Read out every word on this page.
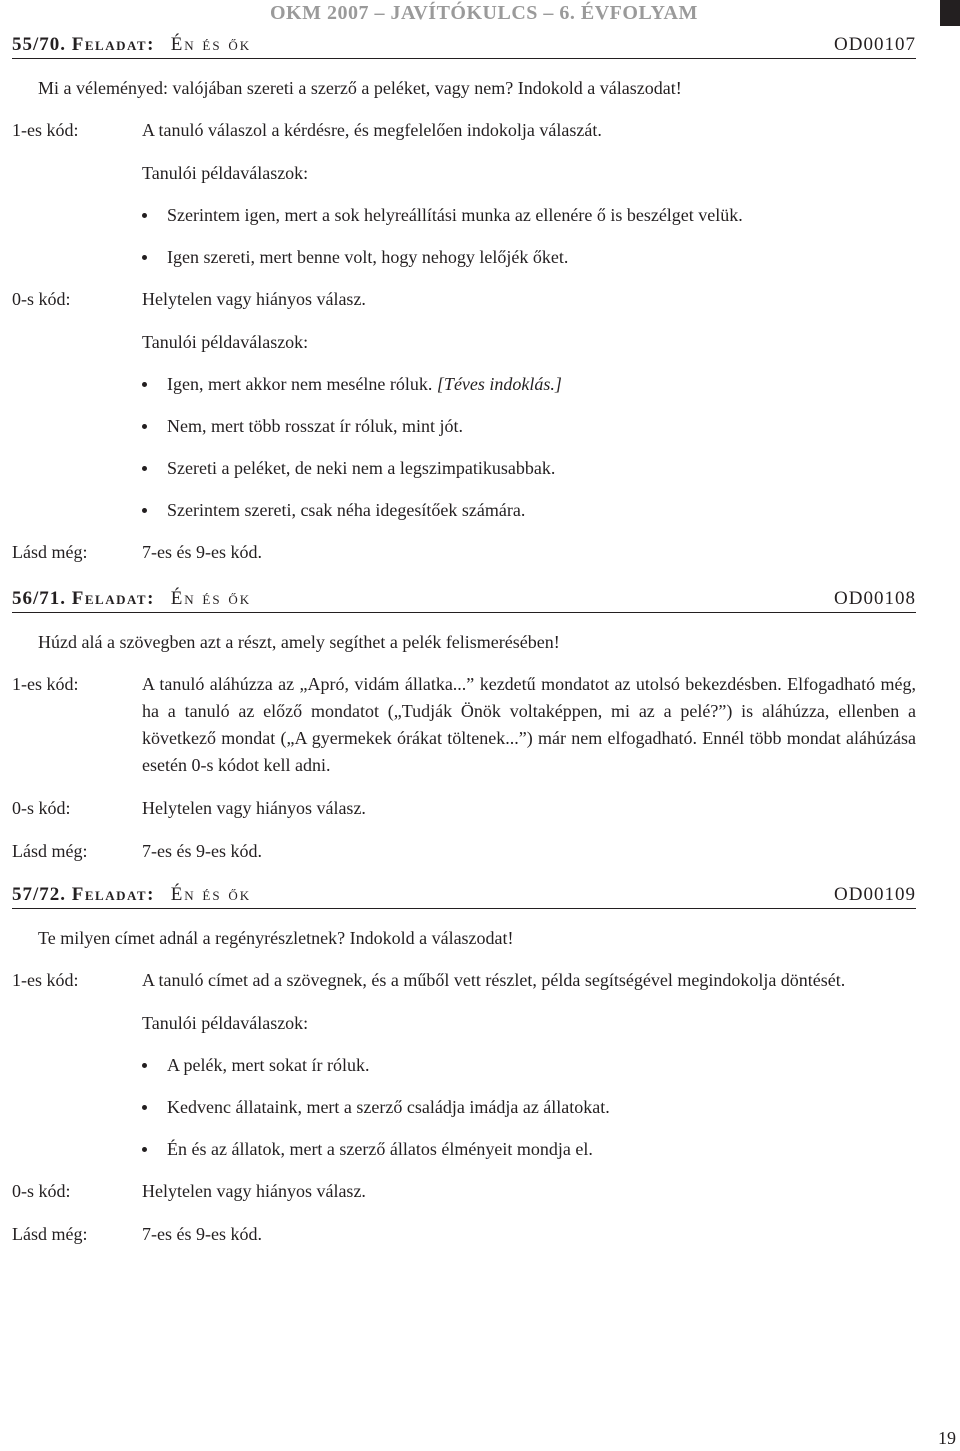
OKM 2007 – JAVÍTÓKULCS – 6. ÉVFOLYAM
55/70. Feladat: Én és ők	OD00107
Mi a véleményed: valójában szereti a szerző a peléket, vagy nem? Indokold a válaszodat!
1-es kód:	A tanuló válaszol a kérdésre, és megfelelően indokolja válaszát.
Tanulói példaválaszok:
Szerintem igen, mert a sok helyreállítási munka az ellenére ő is beszélget velük.
Igen szereti, mert benne volt, hogy nehogy lelőjék őket.
0-s kód:	Helytelen vagy hiányos válasz.
Tanulói példaválaszok:
Igen, mert akkor nem mesélne róluk. [Téves indoklás.]
Nem, mert több rosszat ír róluk, mint jót.
Szereti a peléket, de neki nem a legszimpatikusabbak.
Szerintem szereti, csak néha idegesítőek számára.
Lásd még:	7-es és 9-es kód.
56/71. Feladat: Én és ők	OD00108
Húzd alá a szövegben azt a részt, amely segíthet a pelék felismerésében!
1-es kód:	A tanuló aláhúzza az „Apró, vidám állatka...” kezdetű mondatot az utolsó bekezdésben. Elfogadható még, ha a tanuló az előző mondatot („Tudják Önök voltaképpen, mi az a pelé?”) is aláhúzza, ellenben a következő mondat („A gyermekek órákat töltenek...”) már nem elfogadható. Ennél több mondat aláhúzása esetén 0-s kódot kell adni.
0-s kód:	Helytelen vagy hiányos válasz.
Lásd még:	7-es és 9-es kód.
57/72. Feladat: Én és ők	OD00109
Te milyen címet adnál a regényrészletnek? Indokold a válaszodat!
1-es kód:	A tanuló címet ad a szövegnek, és a műből vett részlet, példa segítségével megindokolja döntését.
Tanulói példaválaszok:
A pelék, mert sokat ír róluk.
Kedvenc állataink, mert a szerző családja imádja az állatokat.
Én és az állatok, mert a szerző állatos élményeit mondja el.
0-s kód:	Helytelen vagy hiányos válasz.
Lásd még:	7-es és 9-es kód.
19
